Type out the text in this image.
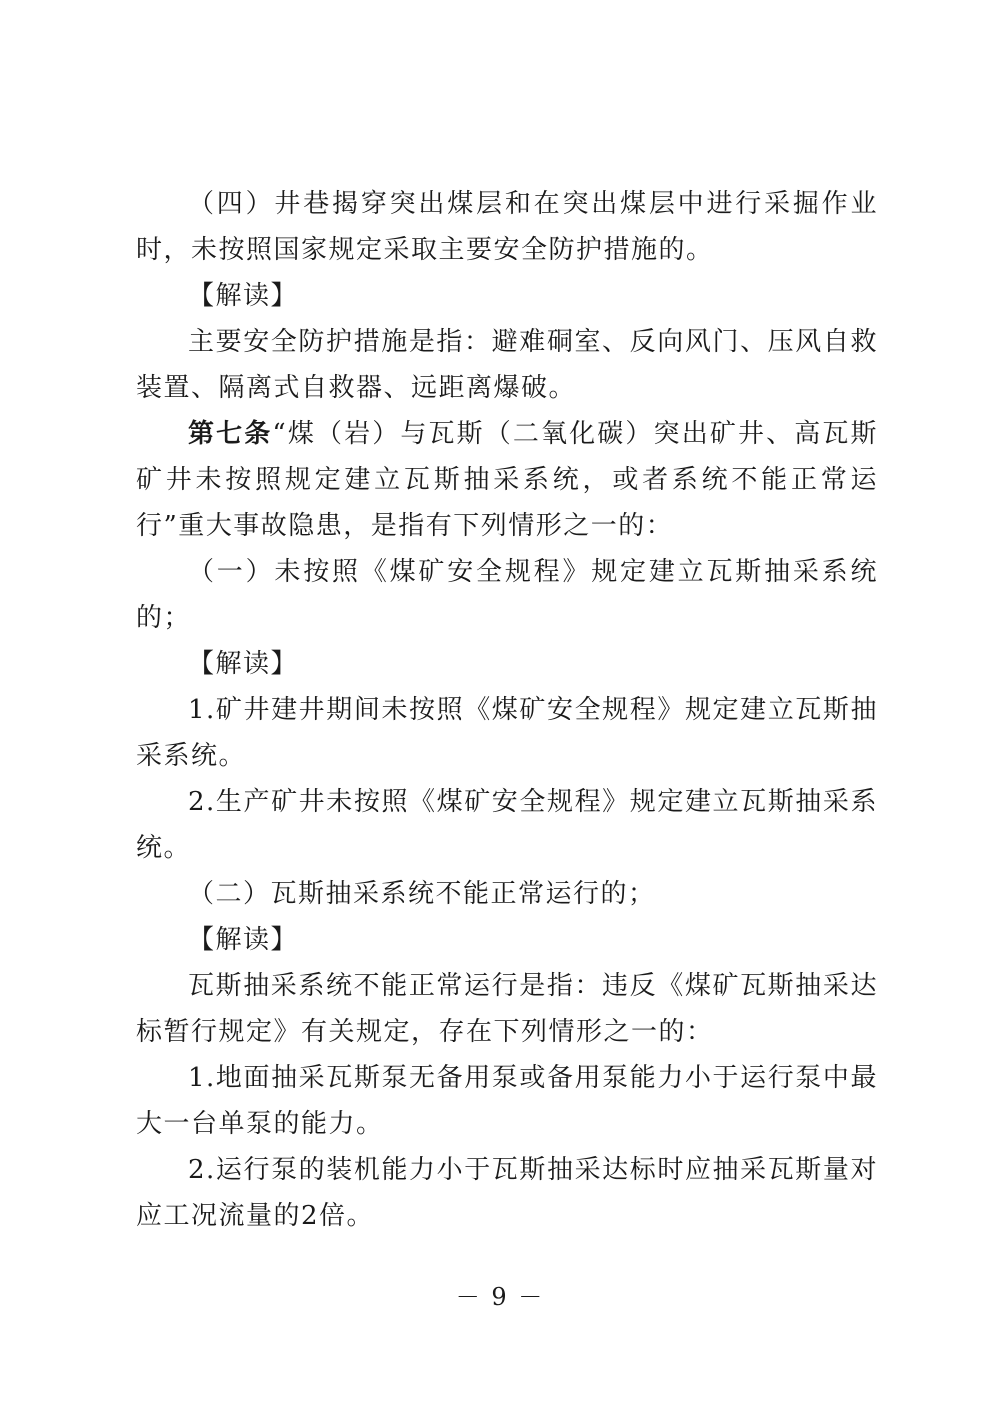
（四）井巷揭穿突出煤层和在突出煤层中进行采掘作业时，未按照国家规定采取主要安全防护措施的。

【解读】

主要安全防护措施是指：避难硐室、反向风门、压风自救装置、隔离式自救器、远距离爆破。

第七条“煤（岩）与瓦斯（二氧化碳）突出矿井、高瓦斯矿井未按照规定建立瓦斯抽采系统，或者系统不能正常运行”重大事故隐患，是指有下列情形之一的：

（一）未按照《煤矿安全规程》规定建立瓦斯抽采系统的；

【解读】

1.矿井建井期间未按照《煤矿安全规程》规定建立瓦斯抽采系统。

2.生产矿井未按照《煤矿安全规程》规定建立瓦斯抽采系统。

（二）瓦斯抽采系统不能正常运行的；

【解读】

瓦斯抽采系统不能正常运行是指：违反《煤矿瓦斯抽采达标暂行规定》有关规定，存在下列情形之一的：

1.地面抽采瓦斯泵无备用泵或备用泵能力小于运行泵中最大一台单泵的能力。

2.运行泵的装机能力小于瓦斯抽采达标时应抽采瓦斯量对应工况流量的2倍。

－ 9 －
